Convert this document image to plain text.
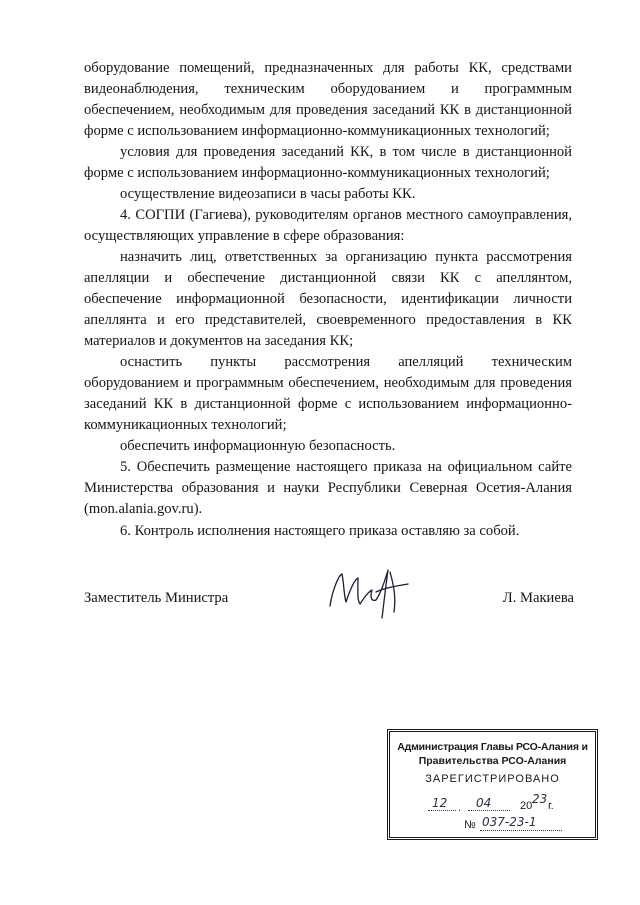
оборудование помещений, предназначенных для работы КК, средствами видеонаблюдения, техническим оборудованием и программным обеспечением, необходимым для проведения заседаний КК в дистанционной форме с использованием информационно-коммуникационных технологий;

условия для проведения заседаний КК, в том числе в дистанционной форме с использованием информационно-коммуникационных технологий;

осуществление видеозаписи в часы работы КК.

4. СОГПИ (Гагиева), руководителям органов местного самоуправления, осуществляющих управление в сфере образования:

назначить лиц, ответственных за организацию пункта рассмотрения апелляции и обеспечение дистанционной связи КК с апеллянтом, обеспечение информационной безопасности, идентификации личности апеллянта и его представителей, своевременного предоставления в КК материалов и документов на заседания КК;

оснастить пункты рассмотрения апелляций техническим оборудованием и программным обеспечением, необходимым для проведения заседаний КК в дистанционной форме с использованием информационно-коммуникационных технологий;

обеспечить информационную безопасность.

5. Обеспечить размещение настоящего приказа на официальном сайте Министерства образования и науки Республики Северная Осетия-Алания (mon.alania.gov.ru).

6. Контроль исполнения настоящего приказа оставляю за собой.

Заместитель Министра	Л. Макиева
Администрация Главы РСО-Алания и
Правительства РСО-Алания
ЗАРЕГИСТРИРОВАНО
12 . 04	20 23 г.
№ 037-23-1
